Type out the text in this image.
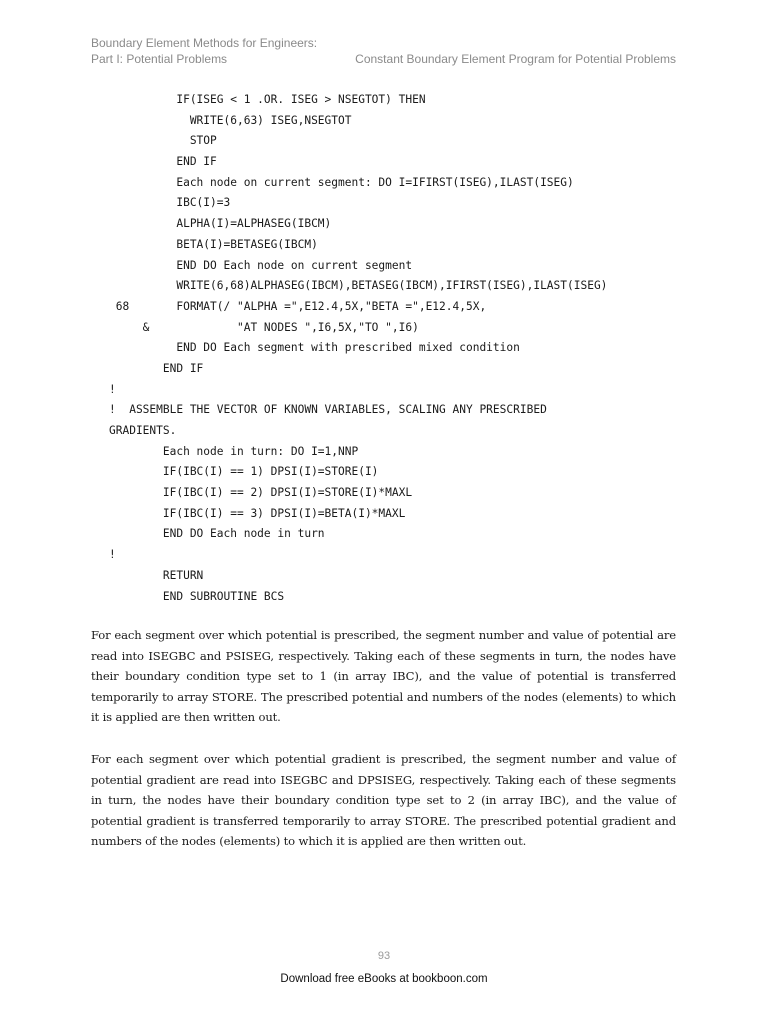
Boundary Element Methods for Engineers:
Part I: Potential Problems	Constant Boundary Element Program for Potential Problems
IF(ISEG < 1 .OR. ISEG > NSEGTOT) THEN
WRITE(6,63) ISEG,NSEGTOT
STOP
END IF
Each node on current segment: DO I=IFIRST(ISEG),ILAST(ISEG)
IBC(I)=3
ALPHA(I)=ALPHASEG(IBCM)
BETA(I)=BETASEG(IBCM)
END DO Each node on current segment
WRITE(6,68)ALPHASEG(IBCM),BETASEG(IBCM),IFIRST(ISEG),ILAST(ISEG)
68       FORMAT(/ "ALPHA =",E12.4,5X,"BETA =",E12.4,5X,
&             "AT NODES ",I6,5X,"TO ",I6)
END DO Each segment with prescribed mixed condition
END IF
!
!  ASSEMBLE THE VECTOR OF KNOWN VARIABLES, SCALING ANY PRESCRIBED
GRADIENTS.
Each node in turn: DO I=1,NNP
IF(IBC(I) == 1) DPSI(I)=STORE(I)
IF(IBC(I) == 2) DPSI(I)=STORE(I)*MAXL
IF(IBC(I) == 3) DPSI(I)=BETA(I)*MAXL
END DO Each node in turn
!
RETURN
END SUBROUTINE BCS

For each segment over which potential is prescribed, the segment number and value of potential are read into ISEGBC and PSISEG, respectively. Taking each of these segments in turn, the nodes have their boundary condition type set to 1 (in array IBC), and the value of potential is transferred temporarily to array STORE. The prescribed potential and numbers of the nodes (elements) to which it is applied are then written out.

For each segment over which potential gradient is prescribed, the segment number and value of potential gradient are read into ISEGBC and DPSISEG, respectively. Taking each of these segments in turn, the nodes have their boundary condition type set to 2 (in array IBC), and the value of potential gradient is transferred temporarily to array STORE. The prescribed potential gradient and numbers of the nodes (elements) to which it is applied are then written out.

93
Download free eBooks at bookboon.com
